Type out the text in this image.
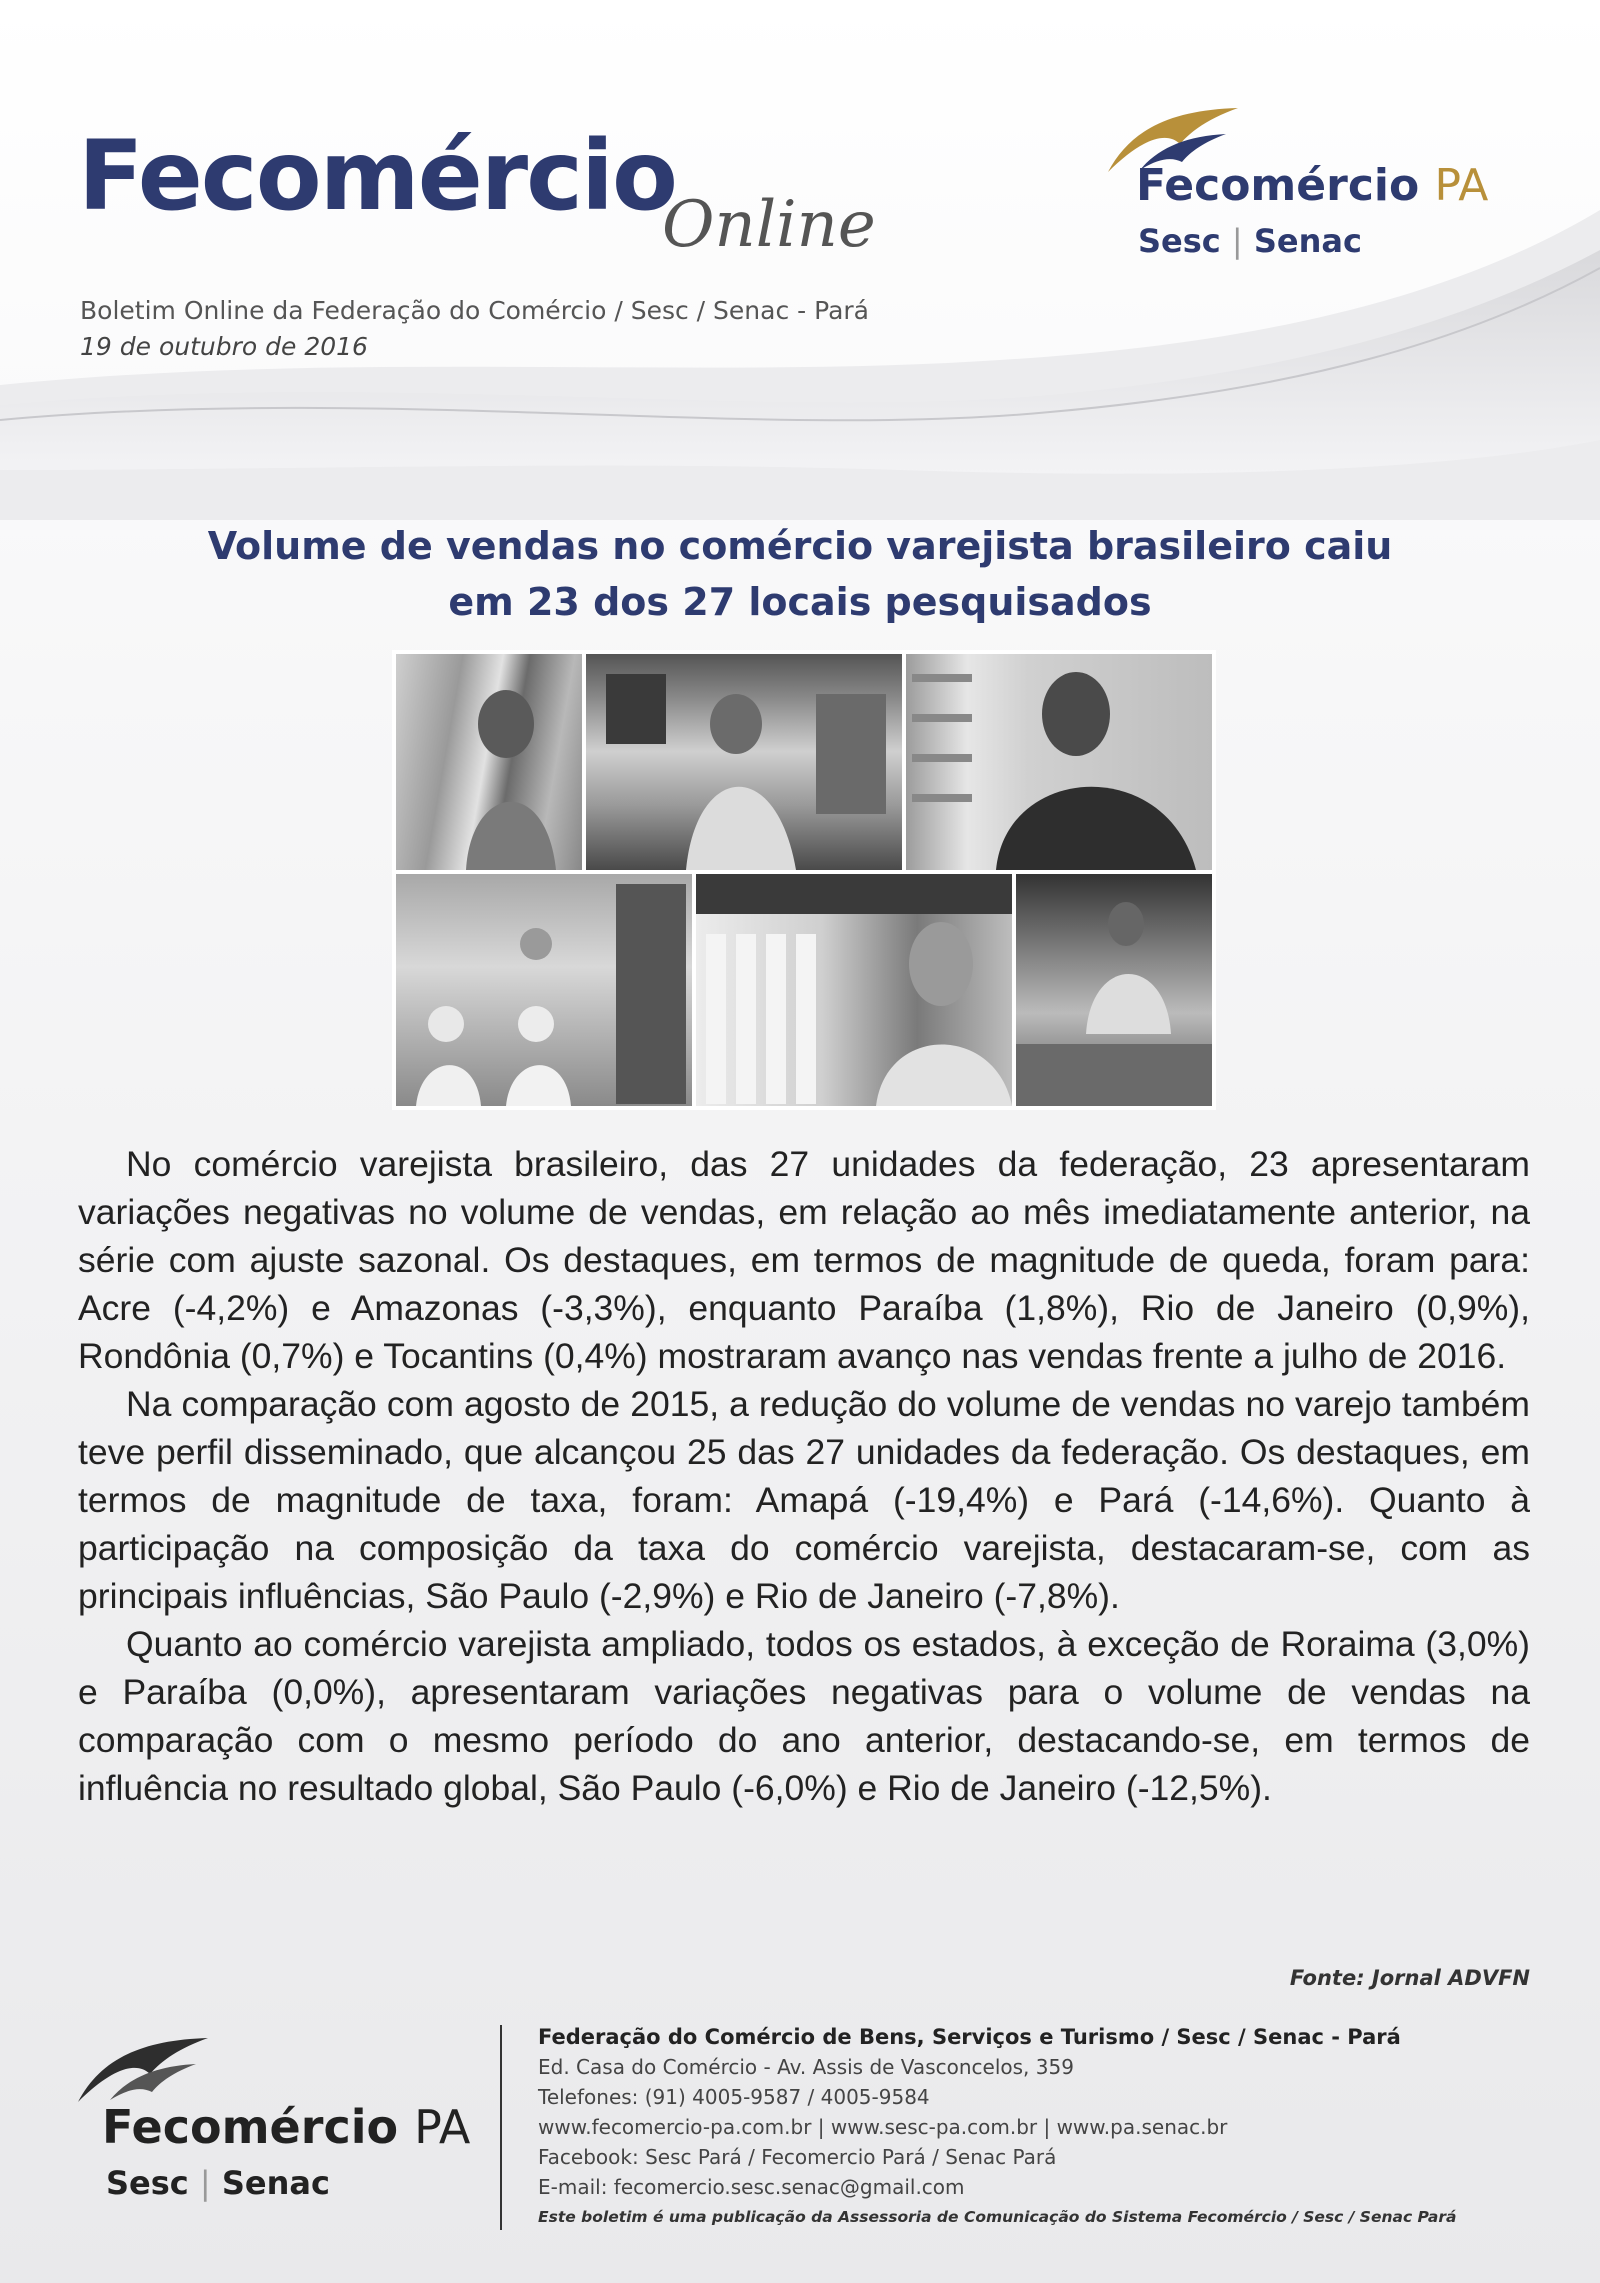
Fecomércio
Online
Boletim Online da Federação do Comércio / Sesc / Senac - Pará
19 de outubro de 2016
Fecomércio PA
Sesc | Senac
Volume de vendas no comércio varejista brasileiro caiu
em 23 dos 27 locais pesquisados

No comércio varejista brasileiro, das 27 unidades da federação, 23 apresentaram variações negativas no volume de vendas, em relação ao mês imediatamente anterior, na série com ajuste sazonal. Os destaques, em termos de magnitude de queda, foram para: Acre (-4,2%) e Amazonas (-3,3%), enquanto Paraíba (1,8%), Rio de Janeiro (0,9%), Rondônia (0,7%) e Tocantins (0,4%) mostraram avanço nas vendas frente a julho de 2016.

Na comparação com agosto de 2015, a redução do volume de vendas no varejo também teve perfil disseminado, que alcançou 25 das 27 unidades da federação. Os destaques, em termos de magnitude de taxa, foram: Amapá (-19,4%) e Pará (-14,6%). Quanto à participação na composição da taxa do comércio varejista, destacaram-se, com as principais influências, São Paulo (-2,9%) e Rio de Janeiro (-7,8%).

Quanto ao comércio varejista ampliado, todos os estados, à exceção de Roraima (3,0%) e Paraíba (0,0%), apresentaram variações negativas para o volume de vendas na comparação com o mesmo período do ano anterior, destacando-se, em termos de influência no resultado global, São Paulo (-6,0%) e Rio de Janeiro (-12,5%).

Fonte: Jornal ADVFN
Fecomércio PA
Sesc | Senac
Federação do Comércio de Bens, Serviços e Turismo / Sesc / Senac - Pará
Ed. Casa do Comércio - Av. Assis de Vasconcelos, 359
Telefones: (91) 4005-9587 / 4005-9584
www.fecomercio-pa.com.br | www.sesc-pa.com.br | www.pa.senac.br
Facebook: Sesc Pará / Fecomercio Pará / Senac Pará
E-mail: fecomercio.sesc.senac@gmail.com
Este boletim é uma publicação da Assessoria de Comunicação do Sistema Fecomércio / Sesc / Senac Pará
